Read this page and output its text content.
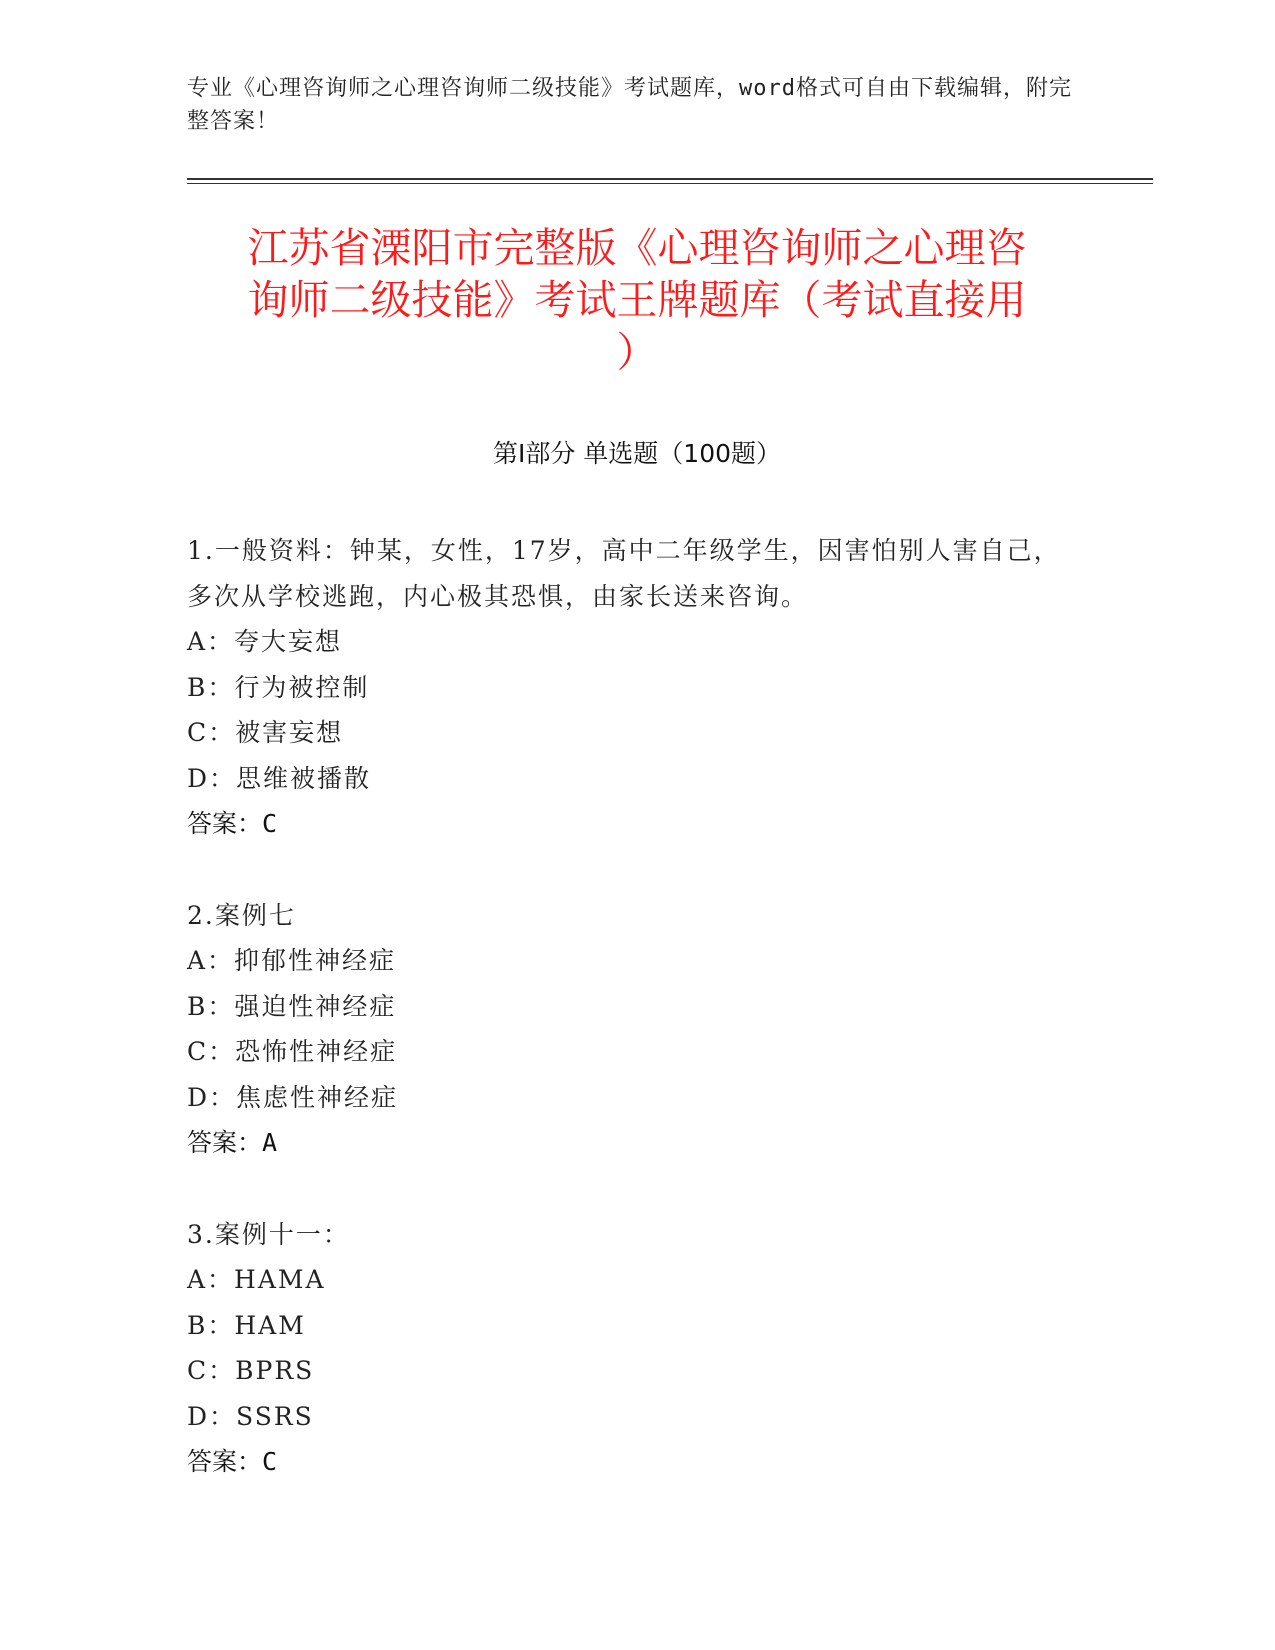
专业《心理咨询师之心理咨询师二级技能》考试题库，word格式可自由下载编辑，附完整答案！
江苏省溧阳市完整版《心理咨询师之心理咨
询师二级技能》考试王牌题库（考试直接用
）
第Ⅰ部分 单选题（100题）
1.一般资料：钟某，女性，17岁，高中二年级学生，因害怕别人害自己，多次从学校逃跑，内心极其恐惧，由家长送来咨询。
A：夸大妄想
B：行为被控制
C：被害妄想
D：思维被播散
答案：C
2.案例七
A：抑郁性神经症
B：强迫性神经症
C：恐怖性神经症
D：焦虑性神经症
答案：A
3.案例十一：
A：HAMA
B：HAM
C：BPRS
D：SSRS
答案：C
